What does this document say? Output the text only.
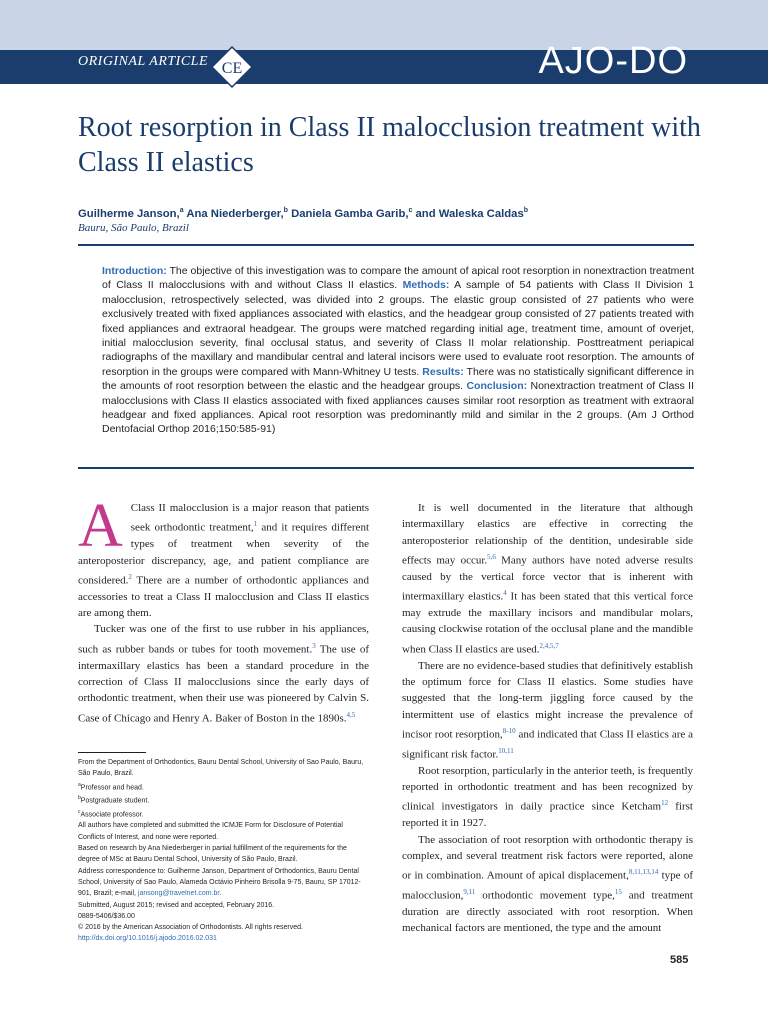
ORIGINAL ARTICLE CE	AJO-DO
Root resorption in Class II malocclusion treatment with Class II elastics
Guilherme Janson,$^a$ Ana Niederberger,$^b$ Daniela Gamba Garib,$^c$ and Waleska Caldas$^b$
Bauru, São Paulo, Brazil
Introduction: The objective of this investigation was to compare the amount of apical root resorption in nonextraction treatment of Class II malocclusions with and without Class II elastics. Methods: A sample of 54 patients with Class II Division 1 malocclusion, retrospectively selected, was divided into 2 groups. The elastic group consisted of 27 patients who were exclusively treated with fixed appliances associated with elastics, and the headgear group consisted of 27 patients treated with fixed appliances and extraoral headgear. The groups were matched regarding initial age, treatment time, amount of overjet, initial malocclusion severity, final occlusal status, and severity of Class II molar relationship. Posttreatment periapical radiographs of the maxillary and mandibular central and lateral incisors were used to evaluate root resorption. The amounts of resorption in the groups were compared with Mann-Whitney U tests. Results: There was no statistically significant difference in the amounts of root resorption between the elastic and the headgear groups. Conclusion: Nonextraction treatment of Class II malocclusions with Class II elastics associated with fixed appliances causes similar root resorption as treatment with extraoral headgear and fixed appliances. Apical root resorption was predominantly mild and similar in the 2 groups. (Am J Orthod Dentofacial Orthop 2016;150:585-91)

A Class II malocclusion is a major reason that patients seek orthodontic treatment,$^1$ and it requires different types of treatment when severity of the anteroposterior discrepancy, age, and patient compliance are considered.$^2$ There are a number of orthodontic appliances and accessories to treat a Class II malocclusion and Class II elastics are among them.

Tucker was one of the first to use rubber in his appliances, such as rubber bands or tubes for tooth movement.$^3$ The use of intermaxillary elastics has been a standard procedure in the correction of Class II malocclusions since the early days of orthodontic treatment, when their use was pioneered by Calvin S. Case of Chicago and Henry A. Baker of Boston in the 1890s.$^{4,5}$

It is well documented in the literature that although intermaxillary elastics are effective in correcting the anteroposterior relationship of the dentition, undesirable side effects may occur.$^{5,6}$ Many authors have noted adverse results caused by the vertical force vector that is inherent with intermaxillary elastics.$^4$ It has been stated that this vertical force may extrude the maxillary incisors and mandibular molars, causing clockwise rotation of the occlusal plane and the mandible when Class II elastics are used.$^{2,4,5,7}$

There are no evidence-based studies that definitively establish the optimum force for Class II elastics. Some studies have suggested that the long-term jiggling force caused by the intermittent use of elastics might increase the prevalence of incisor root resorption,$^{8-10}$ and indicated that Class II elastics are a significant risk factor.$^{10,11}$

Root resorption, particularly in the anterior teeth, is frequently reported in orthodontic treatment and has been recognized by clinical investigators in daily practice since Ketcham$^{12}$ first reported it in 1927.

The association of root resorption with orthodontic therapy is complex, and several treatment risk factors were reported, alone or in combination. Amount of apical displacement,$^{8,11,13,14}$ type of malocclusion,$^{9,11}$ orthodontic movement type,$^{15}$ and treatment duration are directly associated with root resorption. When mechanical factors are mentioned, the type and the amount

From the Department of Orthodontics, Bauru Dental School, University of Sao Paulo, Bauru, São Paulo, Brazil.
$^a$Professor and head.
$^b$Postgraduate student.
$^c$Associate professor.
All authors have completed and submitted the ICMJE Form for Disclosure of Potential Conflicts of Interest, and none were reported.
Based on research by Ana Niederberger in partial fulfillment of the requirements for the degree of MSc at Bauru Dental School, University of São Paulo, Brazil.
Address correspondence to: Guilherme Janson, Department of Orthodontics, Bauru Dental School, University of Sao Paulo, Alameda Octávio Pinheiro Brisolla 9-75, Bauru, SP 17012-901, Brazil; e-mail, jansong@travelnet.com.br.
Submitted, August 2015; revised and accepted, February 2016.
0889-5406/$36.00
© 2016 by the American Association of Orthodontists. All rights reserved.
http://dx.doi.org/10.1016/j.ajodo.2016.02.031
585
